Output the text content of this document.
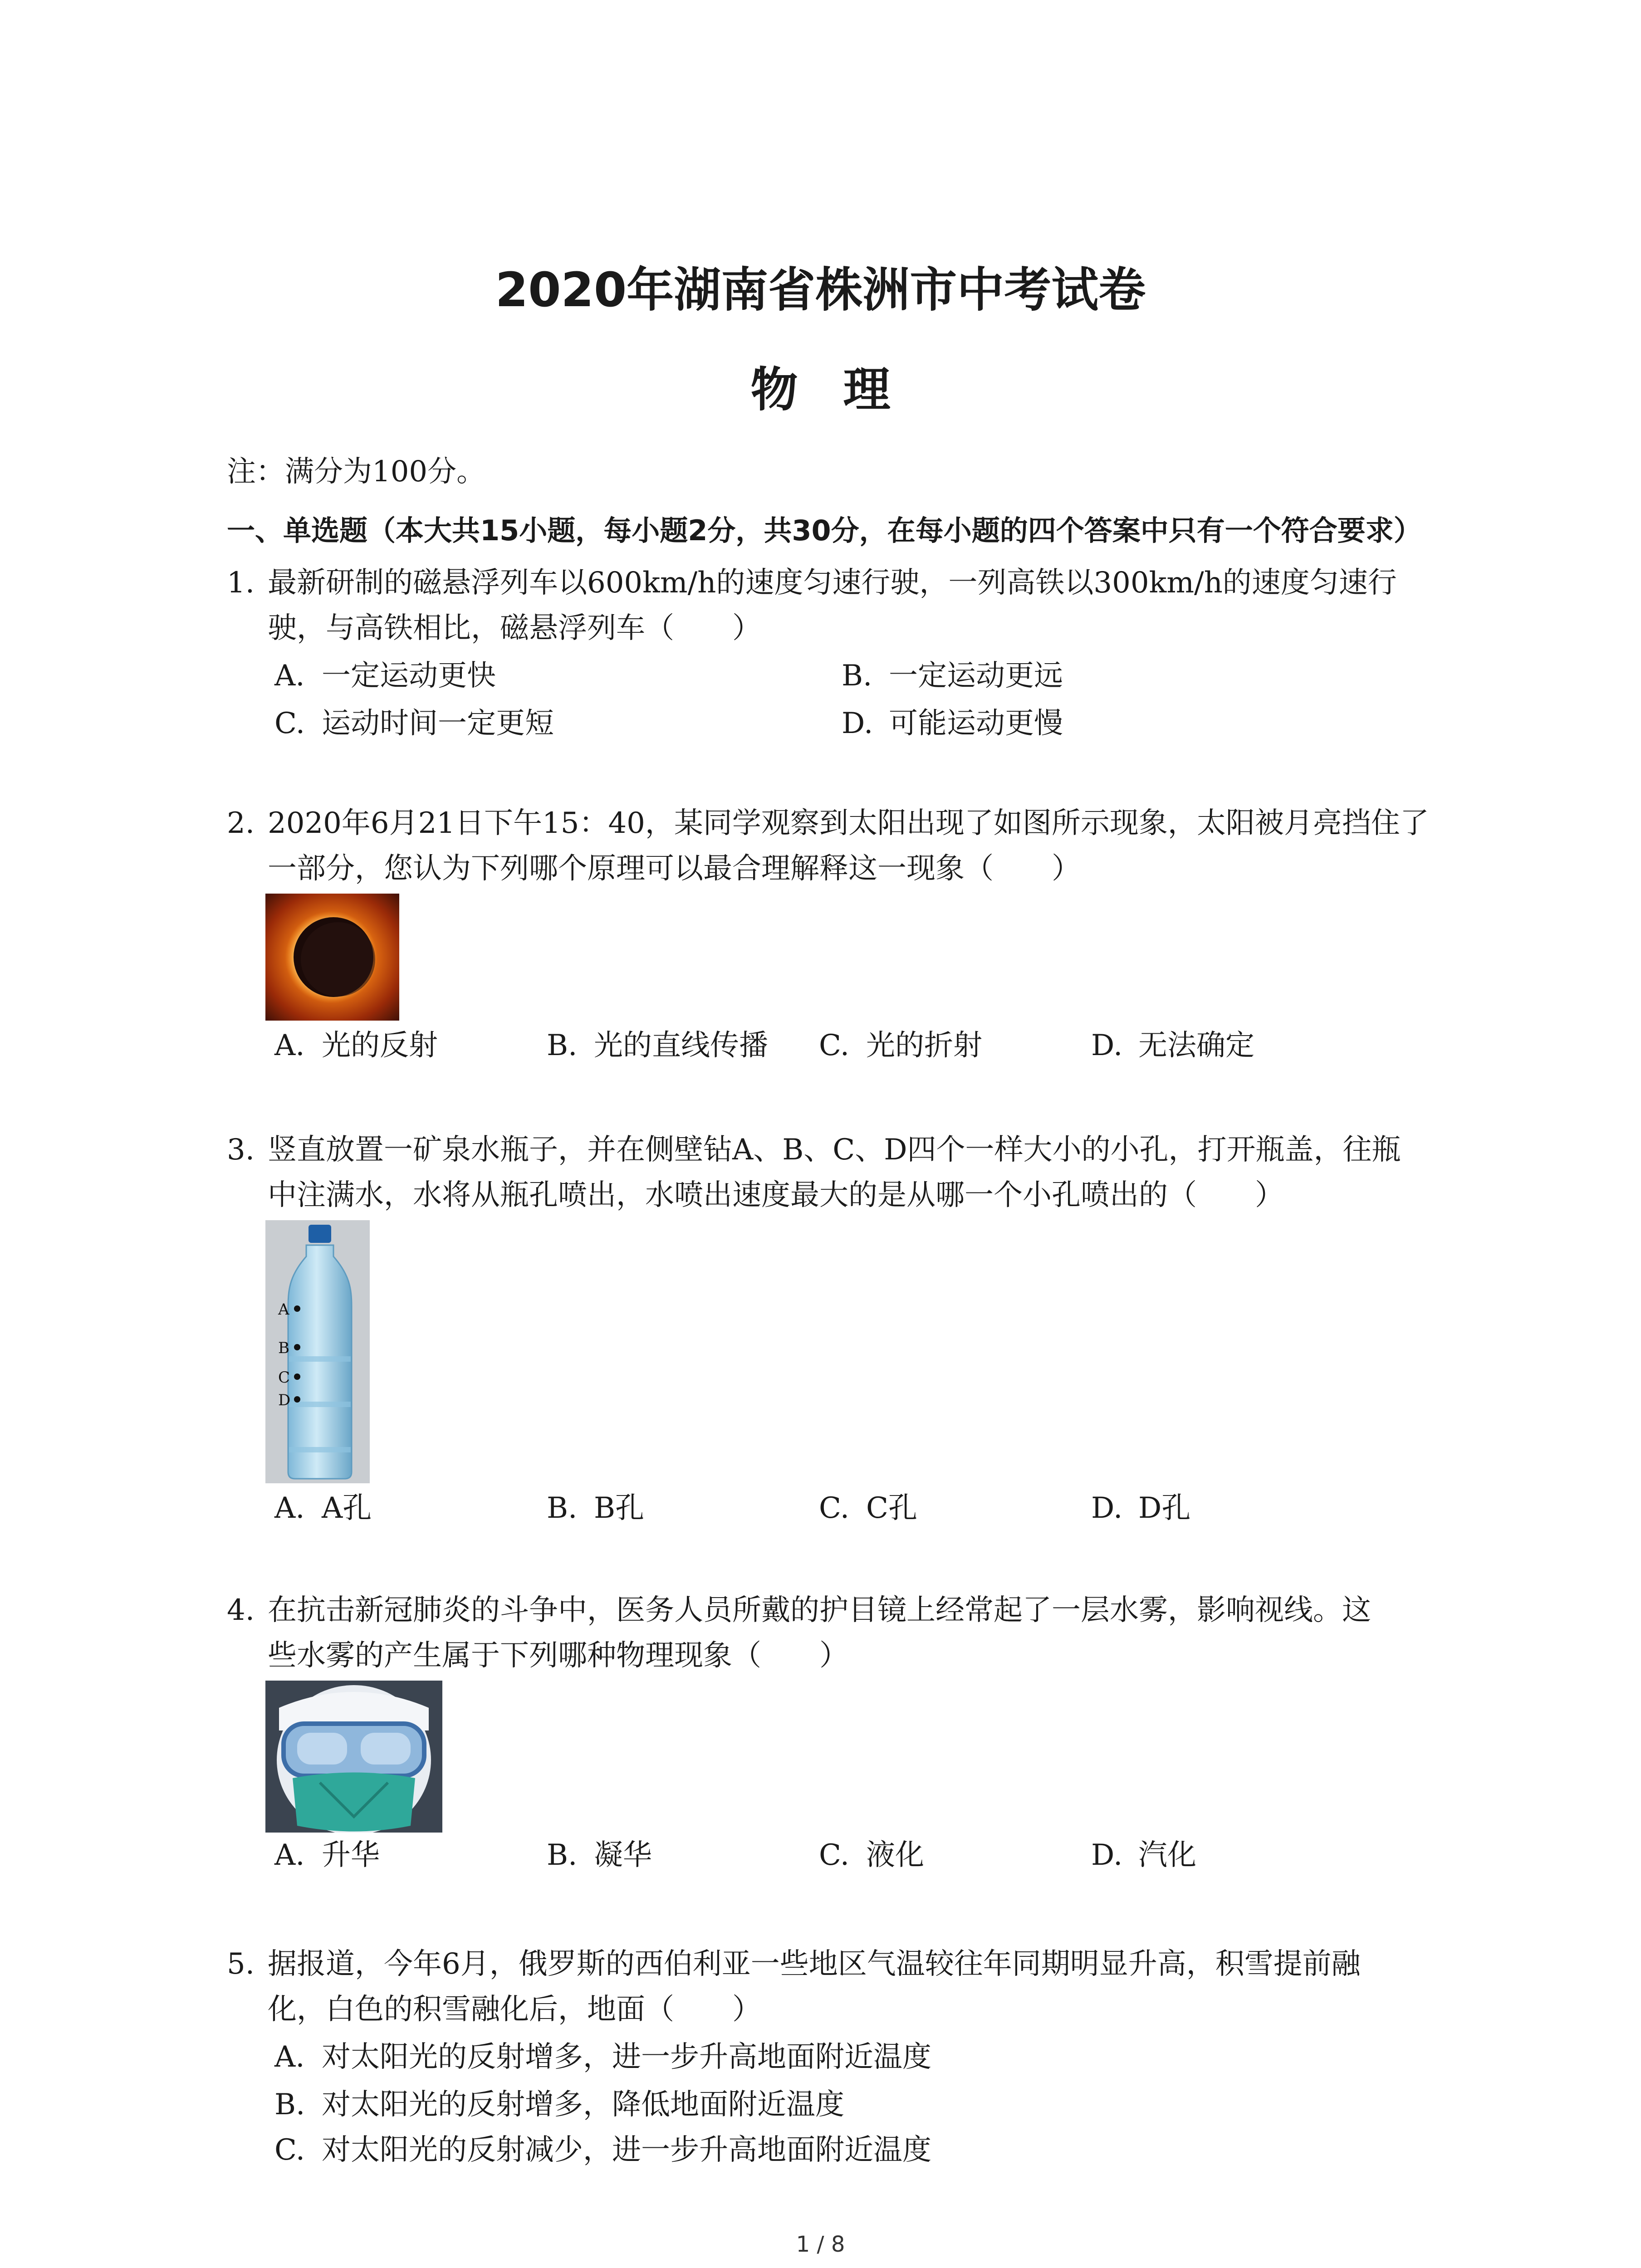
2020年湖南省株洲市中考试卷
物理
注：满分为100分。
一、单选题（本大共15小题，每小题2分，共30分，在每小题的四个答案中只有一个符合要求）
1. 最新研制的磁悬浮列车以600km/h的速度匀速行驶，一列高铁以300km/h的速度匀速行
驶，与高铁相比，磁悬浮列车（　　）
A. 一定运动更快	B. 一定运动更远
C. 运动时间一定更短	D. 可能运动更慢
2. 2020年6月21日下午15：40，某同学观察到太阳出现了如图所示现象，太阳被月亮挡住了
一部分，您认为下列哪个原理可以最合理解释这一现象（　　）
A. 光的反射	B. 光的直线传播 C. 光的折射	D. 无法确定
3. 竖直放置一矿泉水瓶子，并在侧壁钻A、B、C、D四个一样大小的小孔，打开瓶盖，往瓶
中注满水，水将从瓶孔喷出，水喷出速度最大的是从哪一个小孔喷出的（　　）
A
B
C
D
A. A孔	B. B孔	C. C孔	D. D孔
4. 在抗击新冠肺炎的斗争中，医务人员所戴的护目镜上经常起了一层水雾，影响视线。这
些水雾的产生属于下列哪种物理现象（　　）
A. 升华	B. 凝华	C. 液化	D. 汽化
5. 据报道，今年6月，俄罗斯的西伯利亚一些地区气温较往年同期明显升高，积雪提前融
化，白色的积雪融化后，地面（　　）
A. 对太阳光的反射增多，进一步升高地面附近温度
B. 对太阳光的反射增多，降低地面附近温度
C. 对太阳光的反射减少，进一步升高地面附近温度
1 / 8
